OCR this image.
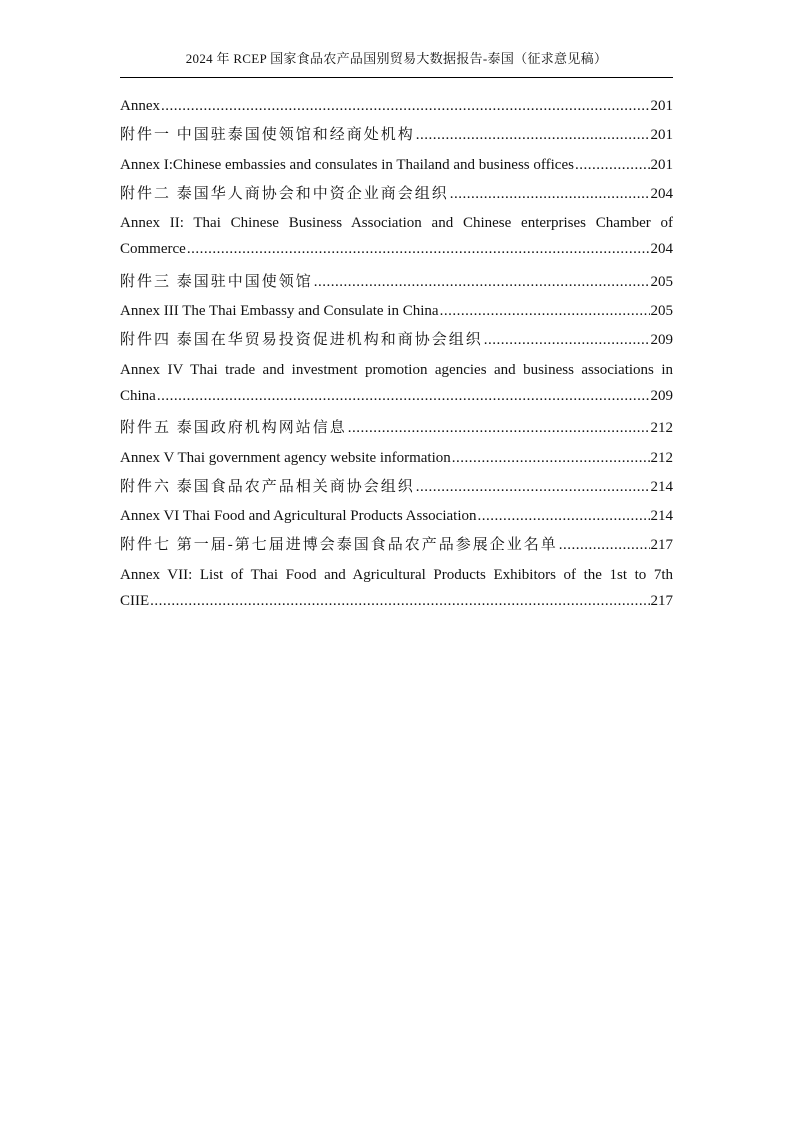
2024 年 RCEP 国家食品农产品国别贸易大数据报告-泰国（征求意见稿）
Annex .....	201
附件一 中国驻泰国使领馆和经商处机构 .....	201
Annex I:Chinese embassies and consulates in Thailand and business offices .....	201
附件二 泰国华人商协会和中资企业商会组织 .....	204
Annex II: Thai Chinese Business Association and Chinese enterprises Chamber of
Commerce .....	204
附件三 泰国驻中国使领馆 .....	205
Annex III The Thai Embassy and Consulate in China .....	205
附件四 泰国在华贸易投资促进机构和商协会组织 .....	209
Annex IV Thai trade and investment promotion agencies and business associations in
China .....	209
附件五 泰国政府机构网站信息 .....	212
Annex V Thai government agency website information .....	212
附件六 泰国食品农产品相关商协会组织 .....	214
Annex VI Thai Food and Agricultural Products Association .....	214
附件七 第一届-第七届进博会泰国食品农产品参展企业名单 .....	217
Annex VII: List of Thai Food and Agricultural Products Exhibitors of the 1st to 7th
CIIE .....	217
